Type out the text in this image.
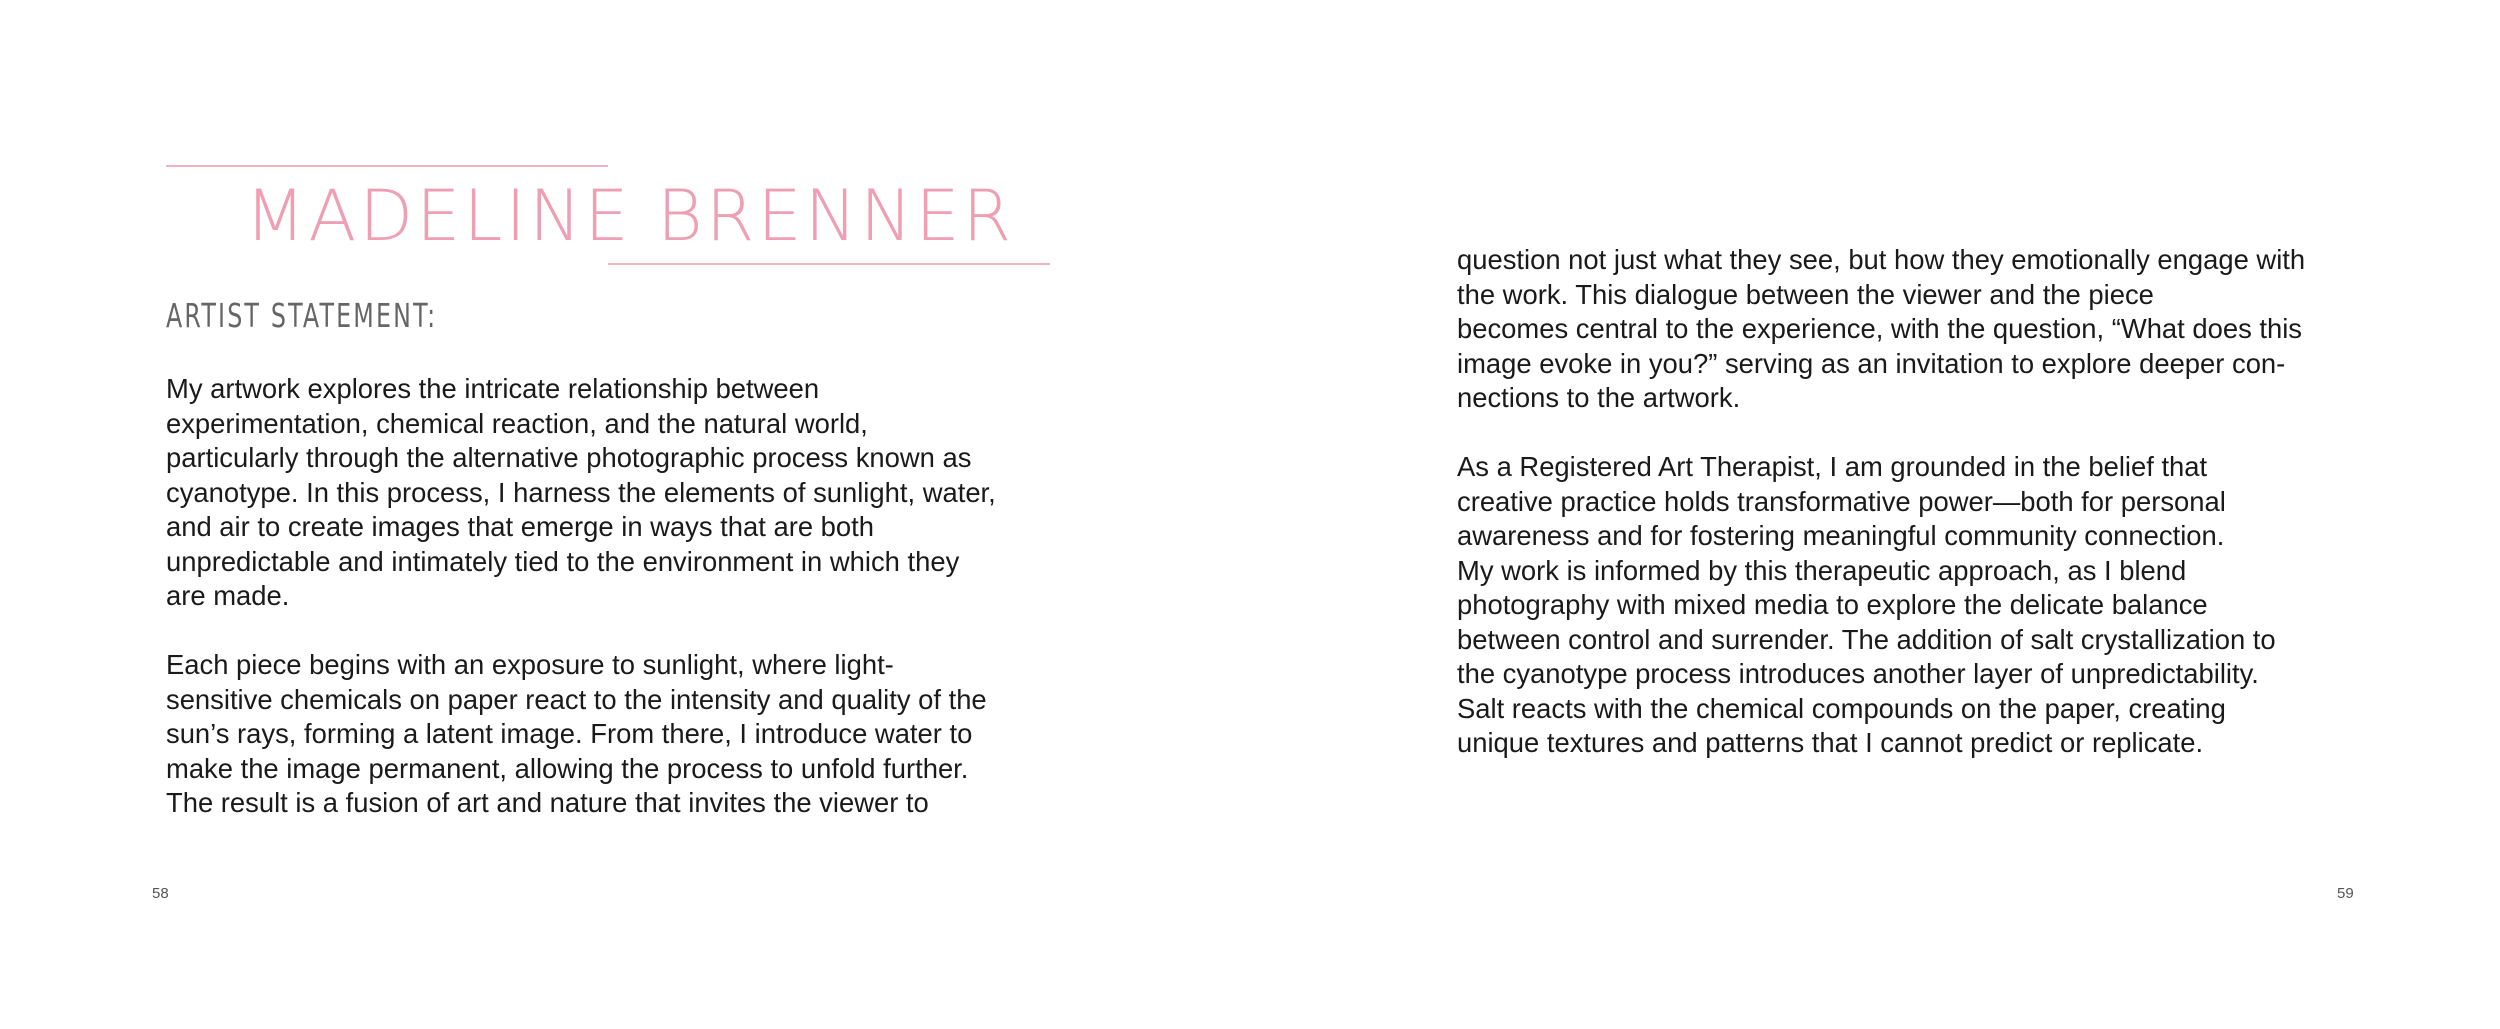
MADELINE BRENNER
ARTIST STATEMENT:

My artwork explores the intricate relationship between
experimentation, chemical reaction, and the natural world,
particularly through the alternative photographic process known as
cyanotype. In this process, I harness the elements of sunlight, water,
and air to create images that emerge in ways that are both
unpredictable and intimately tied to the environment in which they
are made.

Each piece begins with an exposure to sunlight, where light-
sensitive chemicals on paper react to the intensity and quality of the
sun’s rays, forming a latent image. From there, I introduce water to
make the image permanent, allowing the process to unfold further.
The result is a fusion of art and nature that invites the viewer to

question not just what they see, but how they emotionally engage with
the work. This dialogue between the viewer and the piece
becomes central to the experience, with the question, “What does this
image evoke in you?” serving as an invitation to explore deeper con-
nections to the artwork.

As a Registered Art Therapist, I am grounded in the belief that
creative practice holds transformative power—both for personal
awareness and for fostering meaningful community connection.
My work is informed by this therapeutic approach, as I blend
photography with mixed media to explore the delicate balance
between control and surrender. The addition of salt crystallization to
the cyanotype process introduces another layer of unpredictability.
Salt reacts with the chemical compounds on the paper, creating
unique textures and patterns that I cannot predict or replicate.

58	59
